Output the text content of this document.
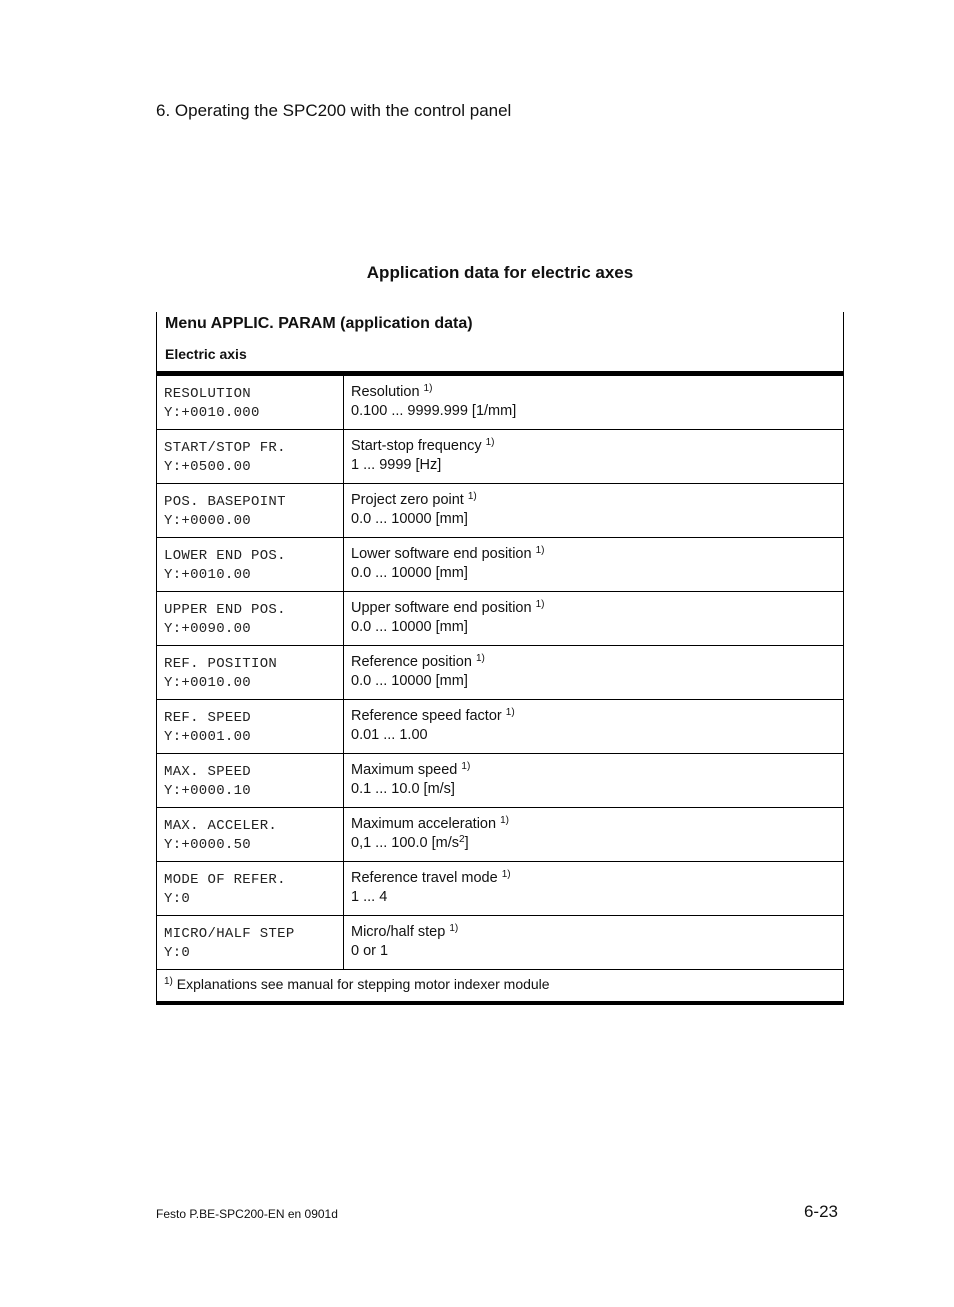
6. Operating the SPC200 with the control panel
Application data for electric axes
Menu APPLIC. PARAM (application data)
Electric axis
RESOLUTION
Y:+0010.000
Resolution $^{1)}$
0.100 ... 9999.999 [1/mm]
START/STOP FR.
Y:+0500.00
Start-stop frequency $^{1)}$
1 ... 9999 [Hz]
POS. BASEPOINT
Y:+0000.00
Project zero point $^{1)}$
0.0 ... 10000 [mm]
LOWER END POS.
Y:+0010.00
Lower software end position $^{1)}$
0.0 ... 10000 [mm]
UPPER END POS.
Y:+0090.00
Upper software end position $^{1)}$
0.0 ... 10000 [mm]
REF. POSITION
Y:+0010.00
Reference position $^{1)}$
0.0 ... 10000 [mm]
REF. SPEED
Y:+0001.00
Reference speed factor $^{1)}$
0.01 ... 1.00
MAX. SPEED
Y:+0000.10
Maximum speed $^{1)}$
0.1 ... 10.0 [m/s]
MAX. ACCELER.
Y:+0000.50
Maximum acceleration $^{1)}$
0,1 ... 100.0 $[m/s^2]$
MODE OF REFER.
Y:0
Reference travel mode $^{1)}$
1 ... 4
MICRO/HALF STEP
Y:0
Micro/half step $^{1)}$
0 or 1
$^{1)}$ Explanations see manual for stepping motor indexer module
Festo P.BE-SPC200-EN en 0901d	6-23
